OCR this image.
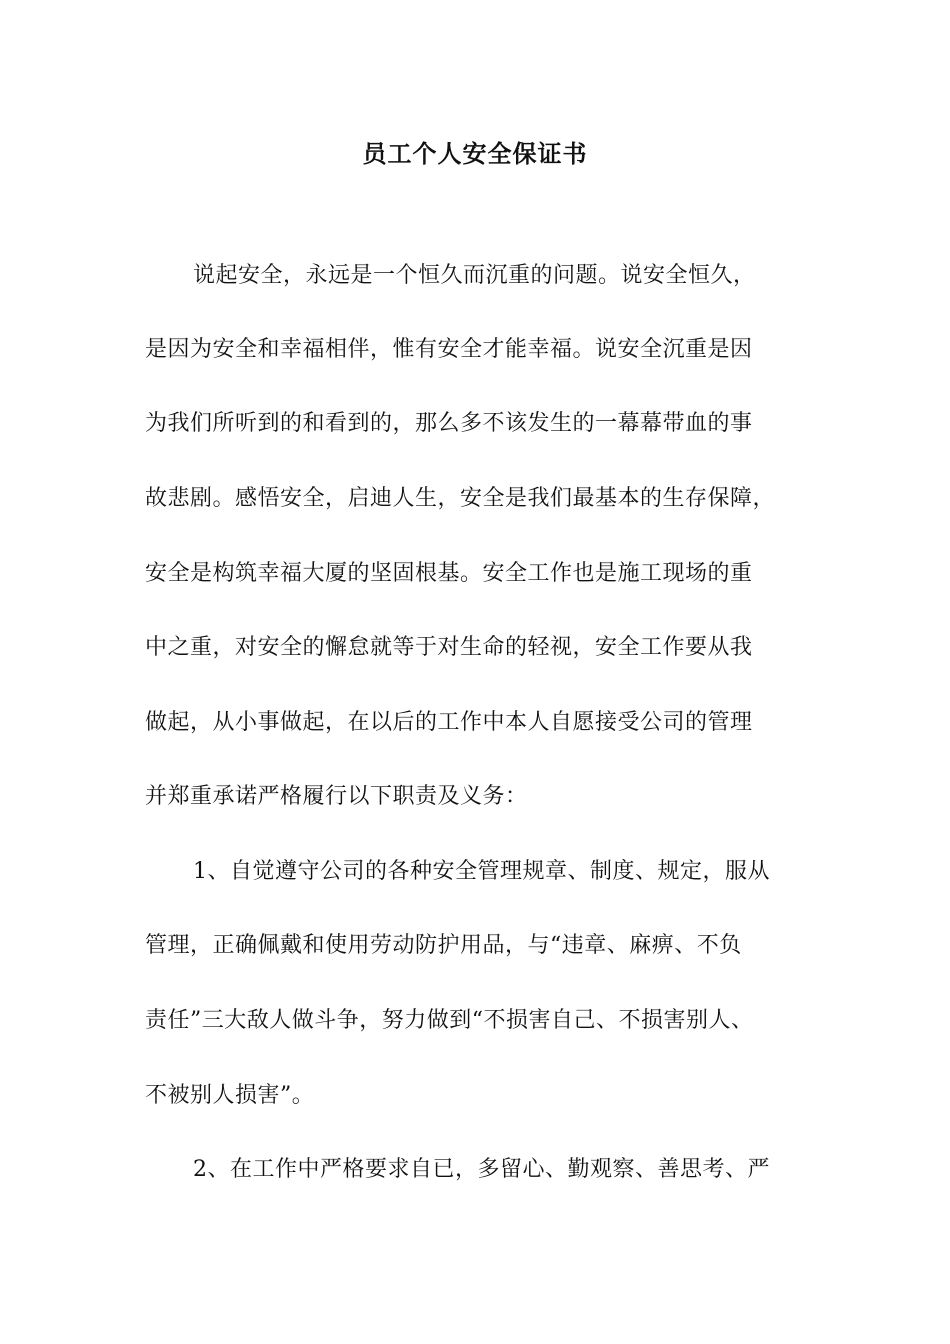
员工个人安全保证书
说起安全，永远是一个恒久而沉重的问题。说安全恒久，
是因为安全和幸福相伴，惟有安全才能幸福。说安全沉重是因
为我们所听到的和看到的，那么多不该发生的一幕幕带血的事
故悲剧。感悟安全，启迪人生，安全是我们最基本的生存保障，
安全是构筑幸福大厦的坚固根基。安全工作也是施工现场的重
中之重，对安全的懈怠就等于对生命的轻视，安全工作要从我
做起，从小事做起，在以后的工作中本人自愿接受公司的管理
并郑重承诺严格履行以下职责及义务：
1、自觉遵守公司的各种安全管理规章、制度、规定，服从
管理，正确佩戴和使用劳动防护用品，与“违章、麻痹、不负
责任”三大敌人做斗争，努力做到“不损害自己、不损害别人、
不被别人损害”。
2、在工作中严格要求自已，多留心、勤观察、善思考、严
